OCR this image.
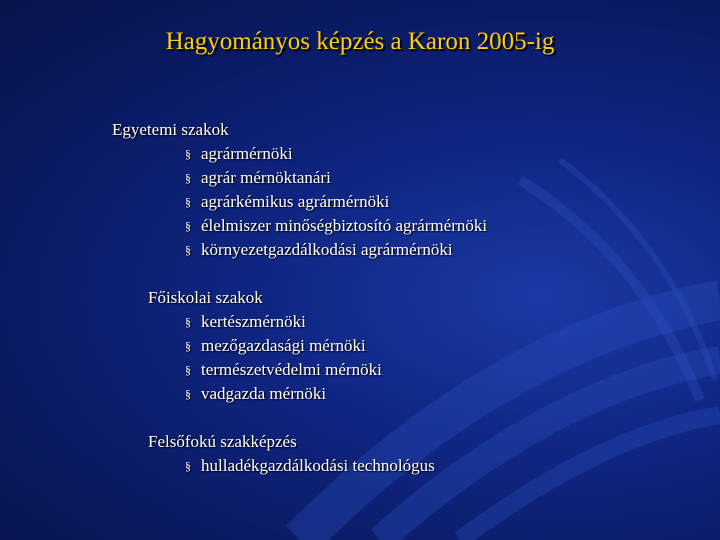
Hagyományos képzés a Karon 2005-ig
Egyetemi szakok
§ agrármérnöki
§ agrár mérnöktanári
§ agrárkémikus agrármérnöki
§ élelmiszer minőségbiztosító agrármérnöki
§ környezetgazdálkodási agrármérnöki
Főiskolai szakok
§ kertészmérnöki
§ mezőgazdasági mérnöki
§ természetvédelmi mérnöki
§ vadgazda mérnöki
Felsőfokú szakképzés
§ hulladékgazdálkodási technológus
